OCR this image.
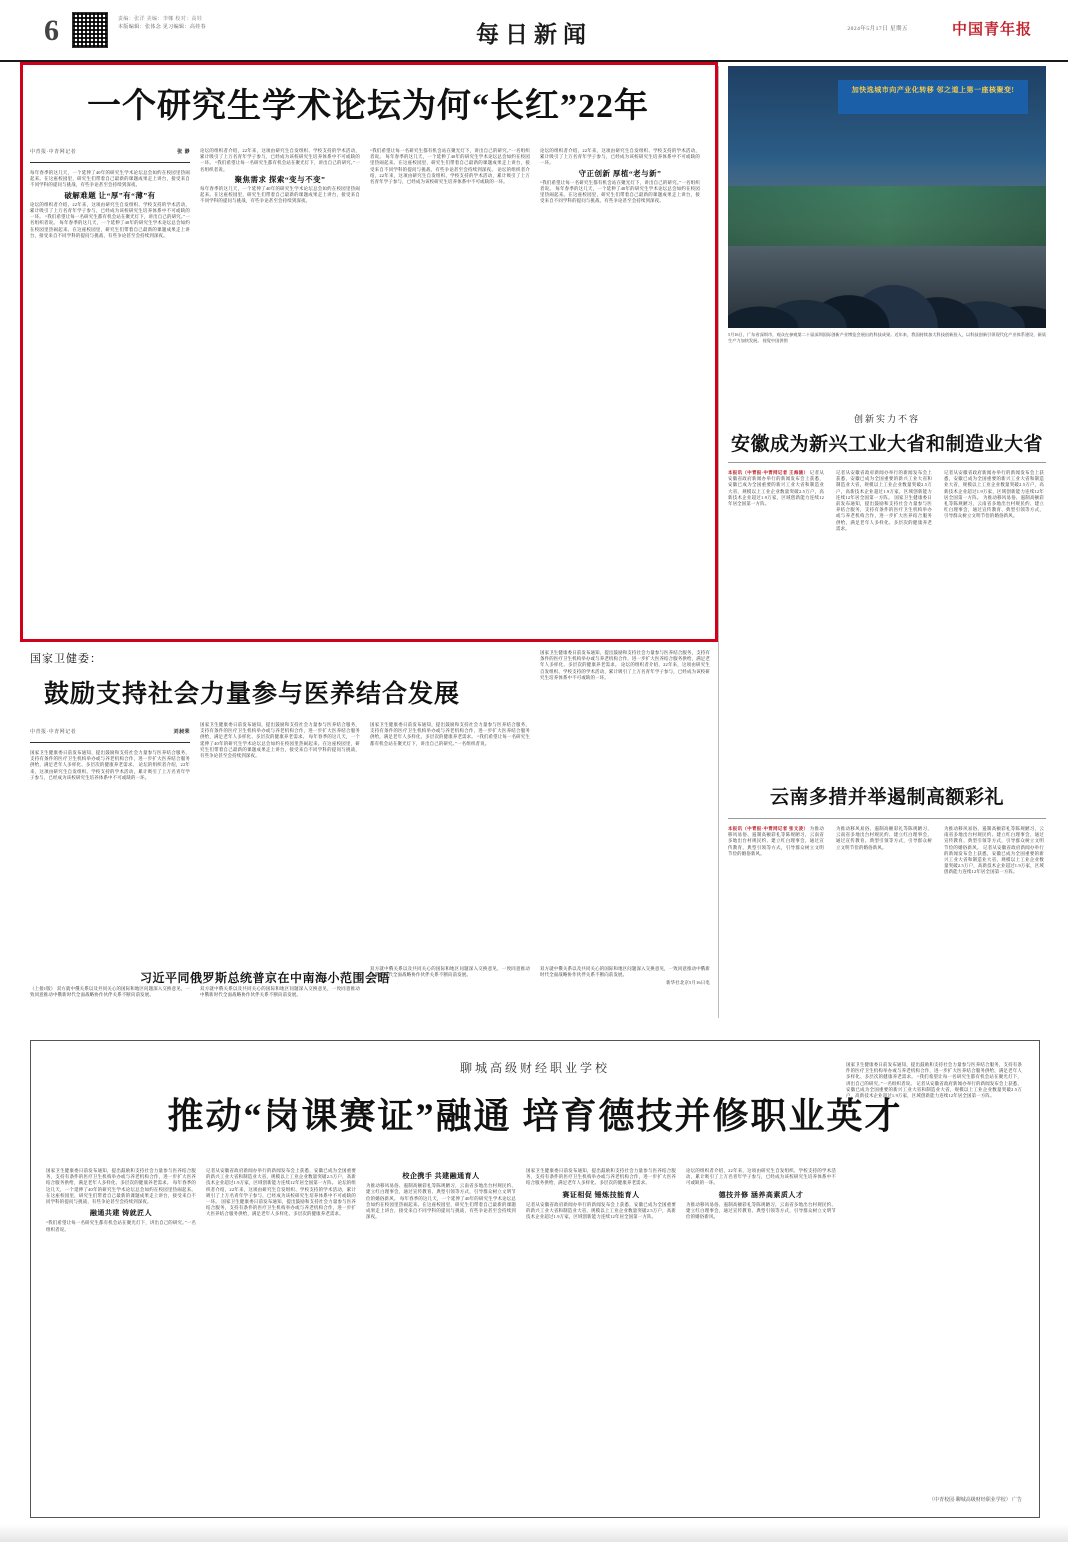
6	责编：张洋 美编：李娜 校对：高娃
本版编辑：张体念 见习编辑：高娃春	每日新闻	2024年5月17日 星期五	中国青年报
一个研究生学术论坛为何“长红”22年
中青报·中青网记者	张 渺
每年春季的这几天，一个延伸了40年的研究生学术论坛总会如约在校园里热闹起来。在这座校园里，研究生们带着自己最新的课题成果走上讲台，接受来自不同学科的提问与挑战，有些争论甚至会持续到深夜。
破解难题 让“厚”有“薄”有
论坛的组织者介绍，22年来，这项由研究生自发组织、学校支持的学术活动，累计吸引了上万名青年学子参与，已经成为该校研究生培养体系中不可或缺的一环。 “我们希望让每一名研究生都有机会站在聚光灯下，讲出自己的研究。”一名组织者说。 每年春季的这几天，一个延伸了40年的研究生学术论坛总会如约在校园里热闹起来。在这座校园里，研究生们带着自己最新的课题成果走上讲台，接受来自不同学科的提问与挑战，有些争论甚至会持续到深夜。
论坛的组织者介绍，22年来，这项由研究生自发组织、学校支持的学术活动，累计吸引了上万名青年学子参与，已经成为该校研究生培养体系中不可或缺的一环。 “我们希望让每一名研究生都有机会站在聚光灯下，讲出自己的研究。”一名组织者说。
聚焦需求 探索“变与不变”
每年春季的这几天，一个延伸了40年的研究生学术论坛总会如约在校园里热闹起来。在这座校园里，研究生们带着自己最新的课题成果走上讲台，接受来自不同学科的提问与挑战，有些争论甚至会持续到深夜。
“我们希望让每一名研究生都有机会站在聚光灯下，讲出自己的研究。”一名组织者说。 每年春季的这几天，一个延伸了40年的研究生学术论坛总会如约在校园里热闹起来。在这座校园里，研究生们带着自己最新的课题成果走上讲台，接受来自不同学科的提问与挑战，有些争论甚至会持续到深夜。 论坛的组织者介绍，22年来，这项由研究生自发组织、学校支持的学术活动，累计吸引了上万名青年学子参与，已经成为该校研究生培养体系中不可或缺的一环。
论坛的组织者介绍，22年来，这项由研究生自发组织、学校支持的学术活动，累计吸引了上万名青年学子参与，已经成为该校研究生培养体系中不可或缺的一环。
守正创新 厚植“老与新”
“我们希望让每一名研究生都有机会站在聚光灯下，讲出自己的研究。”一名组织者说。 每年春季的这几天，一个延伸了40年的研究生学术论坛总会如约在校园里热闹起来。在这座校园里，研究生们带着自己最新的课题成果走上讲台，接受来自不同学科的提问与挑战，有些争论甚至会持续到深夜。
加快选城市向产业化转移 邻之道上第一座核聚变!
5月16日，广东省深圳市，观众在参观第二十届深圳国际创新产业博览会展出的科技成果。近年来，我国持续加大科技创新投入，以科技创新引领现代化产业体系建设，新质生产力加快发展。 视觉中国供图
创新实力不容
安徽成为新兴工业大省和制造业大省
本报讯（中青报·中青网记者 王海涵） 记者从安徽省政府新闻办举行的新闻发布会上获悉，安徽已成为全国重要的新兴工业大省和制造业大省，规模以上工业企业数量突破2.5万户，高新技术企业超过1.9万家，区域创新能力连续12年居全国第一方阵。
记者从安徽省政府新闻办举行的新闻发布会上获悉，安徽已成为全国重要的新兴工业大省和制造业大省，规模以上工业企业数量突破2.5万户，高新技术企业超过1.9万家，区域创新能力连续12年居全国第一方阵。 国家卫生健康委日前发布通知，提出鼓励和支持社会力量参与医养结合服务，支持有条件的医疗卫生机构举办或与养老机构合作，进一步扩大医养结合服务供给，满足老年人多样化、多层次的健康养老需求。
记者从安徽省政府新闻办举行的新闻发布会上获悉，安徽已成为全国重要的新兴工业大省和制造业大省，规模以上工业企业数量突破2.5万户，高新技术企业超过1.9万家，区域创新能力连续12年居全国第一方阵。 为推动移风易俗、遏制高额彩礼等陈规陋习，云南省多地出台村规民约、建立红白理事会，通过宣传教育、典型引领等方式，引导群众树立文明节俭的婚俗新风。
云南多措并举遏制高额彩礼
本报讯（中青报·中青网记者 张文凌） 为推动移风易俗、遏制高额彩礼等陈规陋习，云南省多地出台村规民约、建立红白理事会，通过宣传教育、典型引领等方式，引导群众树立文明节俭的婚俗新风。
为推动移风易俗、遏制高额彩礼等陈规陋习，云南省多地出台村规民约、建立红白理事会，通过宣传教育、典型引领等方式，引导群众树立文明节俭的婚俗新风。
为推动移风易俗、遏制高额彩礼等陈规陋习，云南省多地出台村规民约、建立红白理事会，通过宣传教育、典型引领等方式，引导群众树立文明节俭的婚俗新风。 记者从安徽省政府新闻办举行的新闻发布会上获悉，安徽已成为全国重要的新兴工业大省和制造业大省，规模以上工业企业数量突破2.5万户，高新技术企业超过1.9万家，区域创新能力连续12年居全国第一方阵。
国家卫健委：
鼓励支持社会力量参与医养结合发展
中青报·中青网记者	刘昶荣
国家卫生健康委日前发布通知，提出鼓励和支持社会力量参与医养结合服务，支持有条件的医疗卫生机构举办或与养老机构合作，进一步扩大医养结合服务供给，满足老年人多样化、多层次的健康养老需求。 论坛的组织者介绍，22年来，这项由研究生自发组织、学校支持的学术活动，累计吸引了上万名青年学子参与，已经成为该校研究生培养体系中不可或缺的一环。
国家卫生健康委日前发布通知，提出鼓励和支持社会力量参与医养结合服务，支持有条件的医疗卫生机构举办或与养老机构合作，进一步扩大医养结合服务供给，满足老年人多样化、多层次的健康养老需求。 每年春季的这几天，一个延伸了40年的研究生学术论坛总会如约在校园里热闹起来。在这座校园里，研究生们带着自己最新的课题成果走上讲台，接受来自不同学科的提问与挑战，有些争论甚至会持续到深夜。
国家卫生健康委日前发布通知，提出鼓励和支持社会力量参与医养结合服务，支持有条件的医疗卫生机构举办或与养老机构合作，进一步扩大医养结合服务供给，满足老年人多样化、多层次的健康养老需求。 “我们希望让每一名研究生都有机会站在聚光灯下，讲出自己的研究。”一名组织者说。
国家卫生健康委日前发布通知，提出鼓励和支持社会力量参与医养结合服务，支持有条件的医疗卫生机构举办或与养老机构合作，进一步扩大医养结合服务供给，满足老年人多样化、多层次的健康养老需求。 论坛的组织者介绍，22年来，这项由研究生自发组织、学校支持的学术活动，累计吸引了上万名青年学子参与，已经成为该校研究生培养体系中不可或缺的一环。
习近平同俄罗斯总统普京在中南海小范围会晤
（上接1版） 双方就中俄关系以及共同关心的国际和地区问题深入交换意见，一致同意推动中俄新时代全面战略协作伙伴关系不断向前发展。
双方就中俄关系以及共同关心的国际和地区问题深入交换意见，一致同意推动中俄新时代全面战略协作伙伴关系不断向前发展。
双方就中俄关系以及共同关心的国际和地区问题深入交换意见，一致同意推动中俄新时代全面战略协作伙伴关系不断向前发展。
双方就中俄关系以及共同关心的国际和地区问题深入交换意见，一致同意推动中俄新时代全面战略协作伙伴关系不断向前发展。
新华社北京5月16日电
聊城高级财经职业学校
推动“岗课赛证”融通 培育德技并修职业英才
国家卫生健康委日前发布通知，提出鼓励和支持社会力量参与医养结合服务，支持有条件的医疗卫生机构举办或与养老机构合作，进一步扩大医养结合服务供给，满足老年人多样化、多层次的健康养老需求。 每年春季的这几天，一个延伸了40年的研究生学术论坛总会如约在校园里热闹起来。在这座校园里，研究生们带着自己最新的课题成果走上讲台，接受来自不同学科的提问与挑战，有些争论甚至会持续到深夜。
融通共建 铸就匠人
“我们希望让每一名研究生都有机会站在聚光灯下，讲出自己的研究。”一名组织者说。
记者从安徽省政府新闻办举行的新闻发布会上获悉，安徽已成为全国重要的新兴工业大省和制造业大省，规模以上工业企业数量突破2.5万户，高新技术企业超过1.9万家，区域创新能力连续12年居全国第一方阵。 论坛的组织者介绍，22年来，这项由研究生自发组织、学校支持的学术活动，累计吸引了上万名青年学子参与，已经成为该校研究生培养体系中不可或缺的一环。 国家卫生健康委日前发布通知，提出鼓励和支持社会力量参与医养结合服务，支持有条件的医疗卫生机构举办或与养老机构合作，进一步扩大医养结合服务供给，满足老年人多样化、多层次的健康养老需求。
校企携手 共建融通育人
为推动移风易俗、遏制高额彩礼等陈规陋习，云南省多地出台村规民约、建立红白理事会，通过宣传教育、典型引领等方式，引导群众树立文明节俭的婚俗新风。 每年春季的这几天，一个延伸了40年的研究生学术论坛总会如约在校园里热闹起来。在这座校园里，研究生们带着自己最新的课题成果走上讲台，接受来自不同学科的提问与挑战，有些争论甚至会持续到深夜。
国家卫生健康委日前发布通知，提出鼓励和支持社会力量参与医养结合服务，支持有条件的医疗卫生机构举办或与养老机构合作，进一步扩大医养结合服务供给，满足老年人多样化、多层次的健康养老需求。
赛证相促 锤炼技能育人
记者从安徽省政府新闻办举行的新闻发布会上获悉，安徽已成为全国重要的新兴工业大省和制造业大省，规模以上工业企业数量突破2.5万户，高新技术企业超过1.9万家，区域创新能力连续12年居全国第一方阵。
论坛的组织者介绍，22年来，这项由研究生自发组织、学校支持的学术活动，累计吸引了上万名青年学子参与，已经成为该校研究生培养体系中不可或缺的一环。
德技并修 涵养高素质人才
为推动移风易俗、遏制高额彩礼等陈规陋习，云南省多地出台村规民约、建立红白理事会，通过宣传教育、典型引领等方式，引导群众树立文明节俭的婚俗新风。
国家卫生健康委日前发布通知，提出鼓励和支持社会力量参与医养结合服务，支持有条件的医疗卫生机构举办或与养老机构合作，进一步扩大医养结合服务供给，满足老年人多样化、多层次的健康养老需求。 “我们希望让每一名研究生都有机会站在聚光灯下，讲出自己的研究。”一名组织者说。 记者从安徽省政府新闻办举行的新闻发布会上获悉，安徽已成为全国重要的新兴工业大省和制造业大省，规模以上工业企业数量突破2.5万户，高新技术企业超过1.9万家，区域创新能力连续12年居全国第一方阵。
（中青校园·聊城高级财经职业学校） 广告
